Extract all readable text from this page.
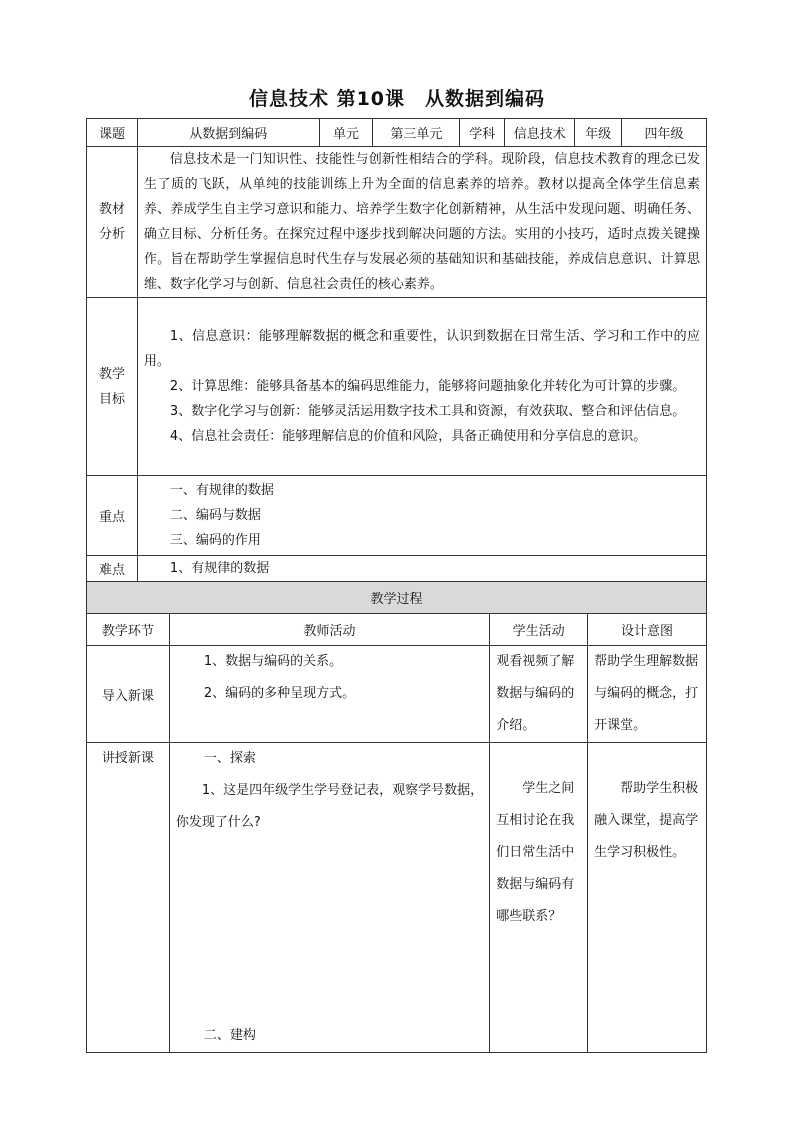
信息技术 第10课　从数据到编码
课题	从数据到编码	单元	第三单元	学科	信息技术	年级	四年级

教材
分析	信息技术是一门知识性、技能性与创新性相结合的学科。现阶段，信息技术教育的理念已发生了质的飞跃，从单纯的技能训练上升为全面的信息素养的培养。教材以提高全体学生信息素养、养成学生自主学习意识和能力、培养学生数字化创新精神，从生活中发现问题、明确任务、确立目标、分析任务。在探究过程中逐步找到解决问题的方法。实用的小技巧，适时点拨关键操作。旨在帮助学生掌握信息时代生存与发展必须的基础知识和基础技能，养成信息意识、计算思维、数字化学习与创新、信息社会责任的核心素养。						

教学
目标	1、信息意识：能够理解数据的概念和重要性，认识到数据在日常生活、学习和工作中的应用。
2、计算思维：能够具备基本的编码思维能力，能够将问题抽象化并转化为可计算的步骤。
3、数字化学习与创新：能够灵活运用数字技术工具和资源，有效获取、整合和评估信息。
4、信息社会责任：能够理解信息的价值和风险，具备正确使用和分享信息的意识。						

重点	一、有规律的数据
二、编码与数据
三、编码的作用						

难点	1、有规律的数据						
教学过程			
教学环节	教师活动	学生活动	设计意图
导入新课	1、数据与编码的关系。
2、编码的多种呈现方式。	观看视频了解数据与编码的介绍。	帮助学生理解数据与编码的概念，打开课堂。

讲授新课	一、探索
1、这是四年级学生学号登记表，观察学号数据，你发现了什么?
二、建构	学生之间互相讨论在我们日常生活中数据与编码有哪些联系？	帮助学生积极融入课堂，提高学生学习积极性。
